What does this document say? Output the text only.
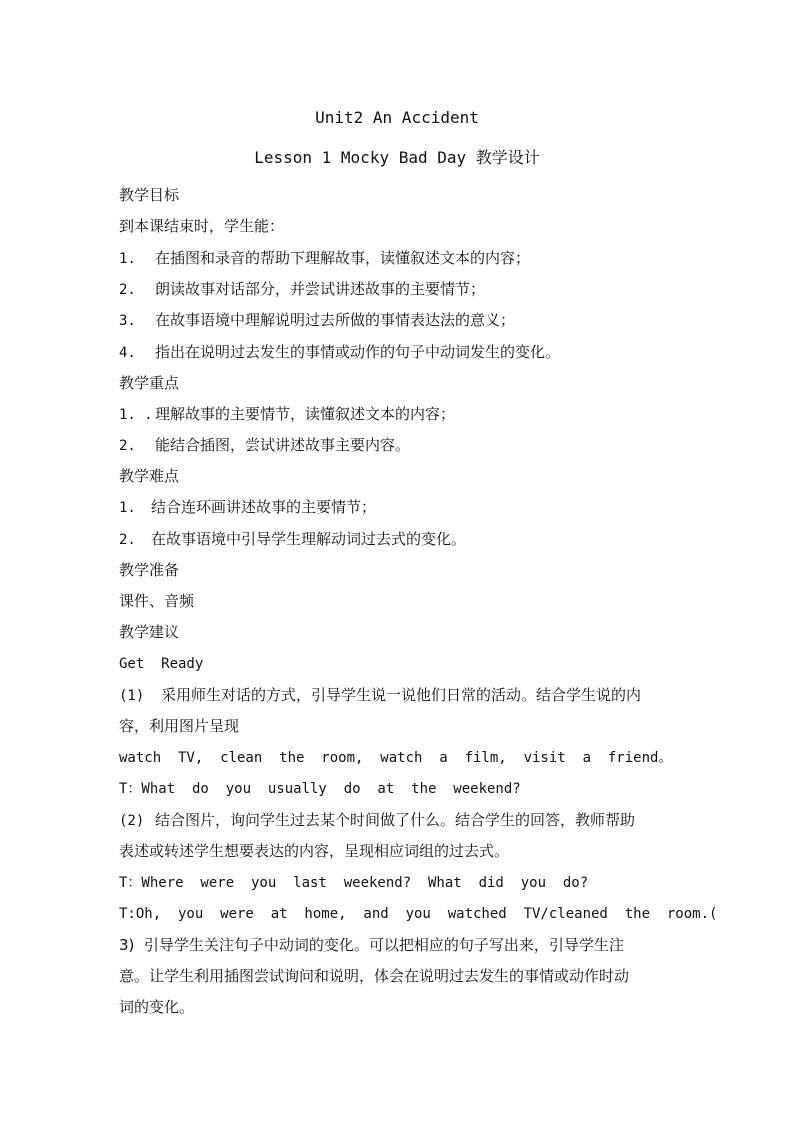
Unit2 An Accident
Lesson 1 Mocky Bad Day 教学设计
教学目标
到本课结束时，学生能：
1. 在插图和录音的帮助下理解故事，读懂叙述文本的内容；
2. 朗读故事对话部分，并尝试讲述故事的主要情节；
3. 在故事语境中理解说明过去所做的事情表达法的意义；
4. 指出在说明过去发生的事情或动作的句子中动词发生的变化。
教学重点
1. . 理解故事的主要情节，读懂叙述文本的内容；
2. 能结合插图，尝试讲述故事主要内容。
教学难点
1. 结合连环画讲述故事的主要情节；
2. 在故事语境中引导学生理解动词过去式的变化。
教学准备
课件、音频
教学建议
Get  Ready
(1) 采用师生对话的方式，引导学生说一说他们日常的活动。结合学生说的内
容，利用图片呈现
watch  TV,  clean  the  room,  watch  a  film,  visit  a  friend。
T：What  do  you  usually  do  at  the  weekend?
(2) 结合图片，询问学生过去某个时间做了什么。结合学生的回答，教师帮助
表述或转述学生想要表达的内容，呈现相应词组的过去式。
T：Where  were  you  last  weekend?  What  did  you  do?
T:Oh,  you  were  at  home,  and  you  watched  TV/cleaned  the  room.(
3)  引导学生关注句子中动词的变化。可以把相应的句子写出来，引导学生注
意。让学生利用插图尝试询问和说明，体会在说明过去发生的事情或动作时动
词的变化。
